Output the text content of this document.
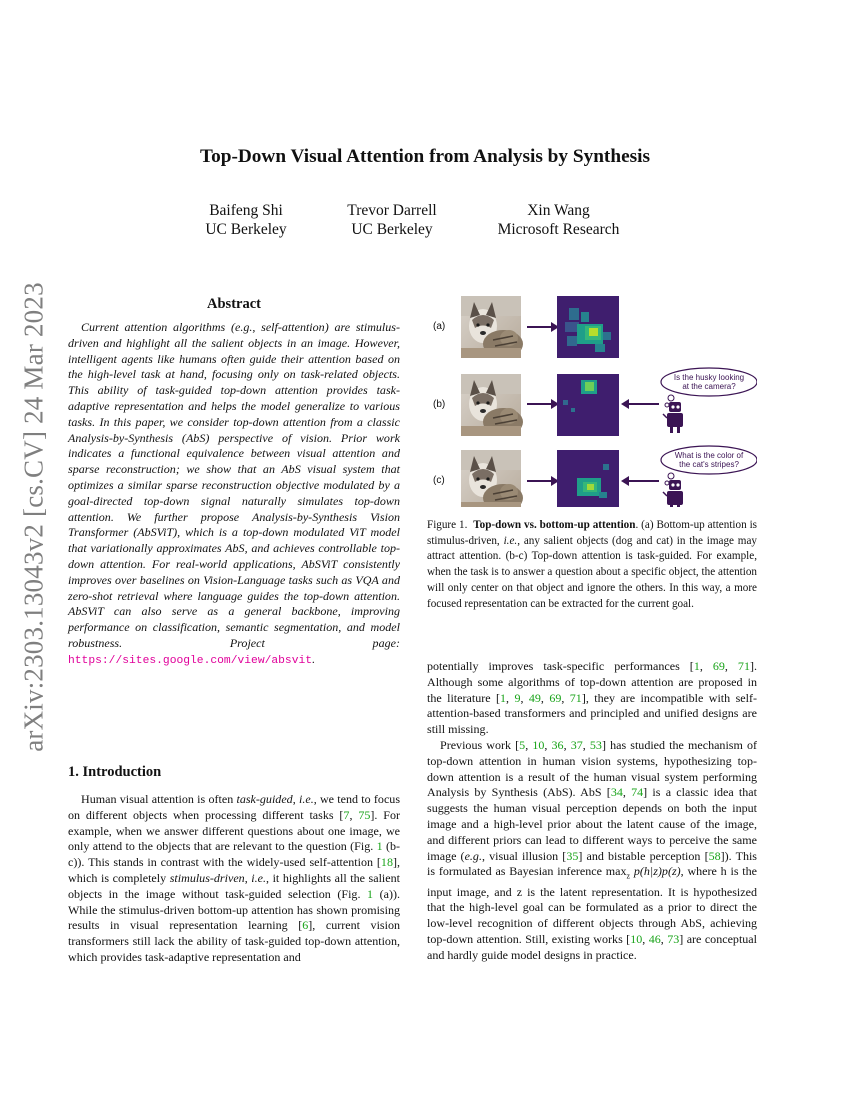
arXiv:2303.13043v2 [cs.CV] 24 Mar 2023
Top-Down Visual Attention from Analysis by Synthesis
Baifeng Shi
UC Berkeley
Trevor Darrell
UC Berkeley
Xin Wang
Microsoft Research
Abstract
Current attention algorithms (e.g., self-attention) are stimulus-driven and highlight all the salient objects in an image. However, intelligent agents like humans often guide their attention based on the high-level task at hand, focusing only on task-related objects. This ability of task-guided top-down attention provides task-adaptive representation and helps the model generalize to various tasks. In this paper, we consider top-down attention from a classic Analysis-by-Synthesis (AbS) perspective of vision. Prior work indicates a functional equivalence between visual attention and sparse reconstruction; we show that an AbS visual system that optimizes a similar sparse reconstruction objective modulated by a goal-directed top-down signal naturally simulates top-down attention. We further propose Analysis-by-Synthesis Vision Transformer (AbSViT), which is a top-down modulated ViT model that variationally approximates AbS, and achieves controllable top-down attention. For real-world applications, AbSViT consistently improves over baselines on Vision-Language tasks such as VQA and zero-shot retrieval where language guides the top-down attention. AbSViT can also serve as a general backbone, improving performance on classification, semantic segmentation, and model robustness. Project page: https://sites.google.com/view/absvit.
1. Introduction
Human visual attention is often task-guided, i.e., we tend to focus on different objects when processing different tasks [7, 75]. For example, when we answer different questions about one image, we only attend to the objects that are relevant to the question (Fig. 1 (b-c)). This stands in contrast with the widely-used self-attention [18], which is completely stimulus-driven, i.e., it highlights all the salient objects in the image without task-guided selection (Fig. 1 (a)). While the stimulus-driven bottom-up attention has shown promising results in visual representation learning [6], current vision transformers still lack the ability of task-guided top-down attention, which provides task-adaptive representation and
(a)
(b)
(c)
Is the husky looking
at the camera?
What is the color of
the cat's stripes?
Figure 1. Top-down vs. bottom-up attention. (a) Bottom-up attention is stimulus-driven, i.e., any salient objects (dog and cat) in the image may attract attention. (b-c) Top-down attention is task-guided. For example, when the task is to answer a question about a specific object, the attention will only center on that object and ignore the others. In this way, a more focused representation can be extracted for the current goal.

potentially improves task-specific performances [1, 69, 71]. Although some algorithms of top-down attention are proposed in the literature [1, 9, 49, 69, 71], they are incompatible with self-attention-based transformers and principled and unified designs are still missing.

Previous work [5, 10, 36, 37, 53] has studied the mechanism of top-down attention in human vision systems, hypothesizing top-down attention is a result of the human visual system performing Analysis by Synthesis (AbS). AbS [34, 74] is a classic idea that suggests the human visual perception depends on both the input image and a high-level prior about the latent cause of the image, and different priors can lead to different ways to perceive the same image (e.g., visual illusion [35] and bistable perception [58]). This is formulated as Bayesian inference $\max_z p(h|z)p(z)$, where h is the input image, and z is the latent representation. It is hypothesized that the high-level goal can be formulated as a prior to direct the low-level recognition of different objects through AbS, achieving top-down attention. Still, existing works [10, 46, 73] are conceptual and hardly guide model designs in practice.
